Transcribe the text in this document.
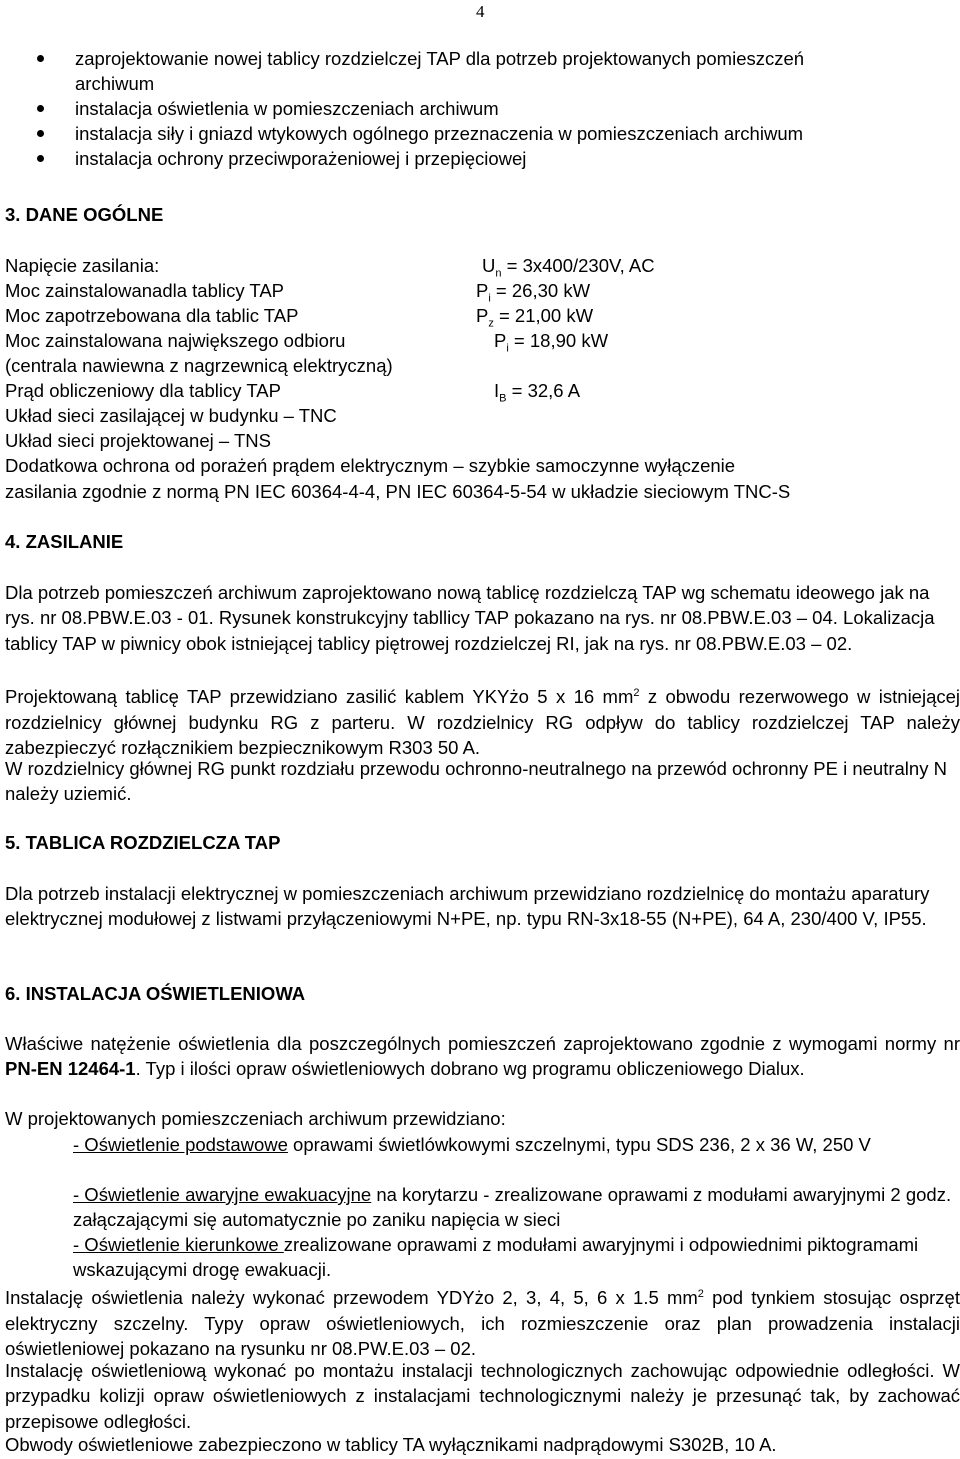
4
zaprojektowanie nowej tablicy rozdzielczej TAP dla potrzeb projektowanych pomieszczeń
archiwum
instalacja oświetlenia w pomieszczeniach archiwum
instalacja siły i gniazd wtykowych ogólnego przeznaczenia w pomieszczeniach archiwum
instalacja ochrony przeciwporażeniowej i przepięciowej
3. DANE OGÓLNE
Napięcie zasilania:	$U_n = 3x400/230V$, AC
Moc zainstalowanadla tablicy TAP	$P_i = 26,30$ kW
Moc zapotrzebowana dla tablic TAP	$P_z = 21,00$ kW
Moc zainstalowana największego odbioru	$P_i = 18,90$ kW
(centrala nawiewna z nagrzewnicą elektryczną)
Prąd obliczeniowy dla tablicy TAP	$I_B = 32,6$ A
Układ sieci zasilającej w budynku – TNC
Układ sieci projektowanej – TNS
Dodatkowa ochrona od porażeń prądem elektrycznym – szybkie samoczynne wyłączenie
zasilania zgodnie z normą PN IEC 60364-4-4, PN IEC 60364-5-54 w układzie sieciowym TNC-S
4. ZASILANIE
Dla potrzeb pomieszczeń archiwum zaprojektowano nową tablicę rozdzielczą TAP wg schematu ideowego jak na rys. nr 08.PBW.E.03 - 01. Rysunek konstrukcyjny tabllicy TAP pokazano na rys. nr 08.PBW.E.03 – 04. Lokalizacja tablicy TAP w piwnicy obok istniejącej tablicy piętrowej rozdzielczej RI, jak na rys. nr 08.PBW.E.03 – 02.
Projektowaną tablicę TAP przewidziano zasilić kablem YKYżo 5 x 16 $mm^2$ z obwodu rezerwowego w istniejącej rozdzielnicy głównej budynku RG z parteru. W rozdzielnicy RG odpływ do tablicy rozdzielczej TAP należy zabezpieczyć rozłącznikiem bezpiecznikowym R303 50 A.
W rozdzielnicy głównej RG punkt rozdziału przewodu ochronno-neutralnego na przewód ochronny PE i neutralny N należy uziemić.
5. TABLICA ROZDZIELCZA TAP
Dla potrzeb instalacji elektrycznej w pomieszczeniach archiwum przewidziano rozdzielnicę do montażu aparatury elektrycznej modułowej z listwami przyłączeniowymi N+PE, np. typu RN-3x18-55 (N+PE), 64 A, 230/400 V, IP55.
6. INSTALACJA OŚWIETLENIOWA
Właściwe natężenie oświetlenia dla poszczególnych pomieszczeń zaprojektowano zgodnie z wymogami normy nr PN-EN 12464-1. Typ i ilości opraw oświetleniowych dobrano wg programu obliczeniowego Dialux.
W projektowanych pomieszczeniach archiwum przewidziano:
- Oświetlenie podstawowe oprawami świetlówkowymi szczelnymi, typu SDS 236, 2 x 36 W, 250 V
- Oświetlenie awaryjne ewakuacyjne na korytarzu - zrealizowane oprawami z modułami awaryjnymi 2 godz. załączającymi się automatycznie po zaniku napięcia w sieci
- Oświetlenie kierunkowe zrealizowane oprawami z modułami awaryjnymi i odpowiednimi piktogramami wskazującymi drogę ewakuacji.
Instalację oświetlenia należy wykonać przewodem YDYżo 2, 3, 4, 5, 6 x 1.5 $mm^2$ pod tynkiem stosując osprzęt elektryczny szczelny. Typy opraw oświetleniowych, ich rozmieszczenie oraz plan prowadzenia instalacji oświetleniowej pokazano na rysunku nr 08.PW.E.03 – 02.
Instalację oświetleniową wykonać po montażu instalacji technologicznych zachowując odpowiednie odległości. W przypadku kolizji opraw oświetleniowych z instalacjami technologicznymi należy je przesunąć tak, by zachować przepisowe odległości.
Obwody oświetleniowe zabezpieczono w tablicy TA wyłącznikami nadprądowymi S302B, 10 A.
